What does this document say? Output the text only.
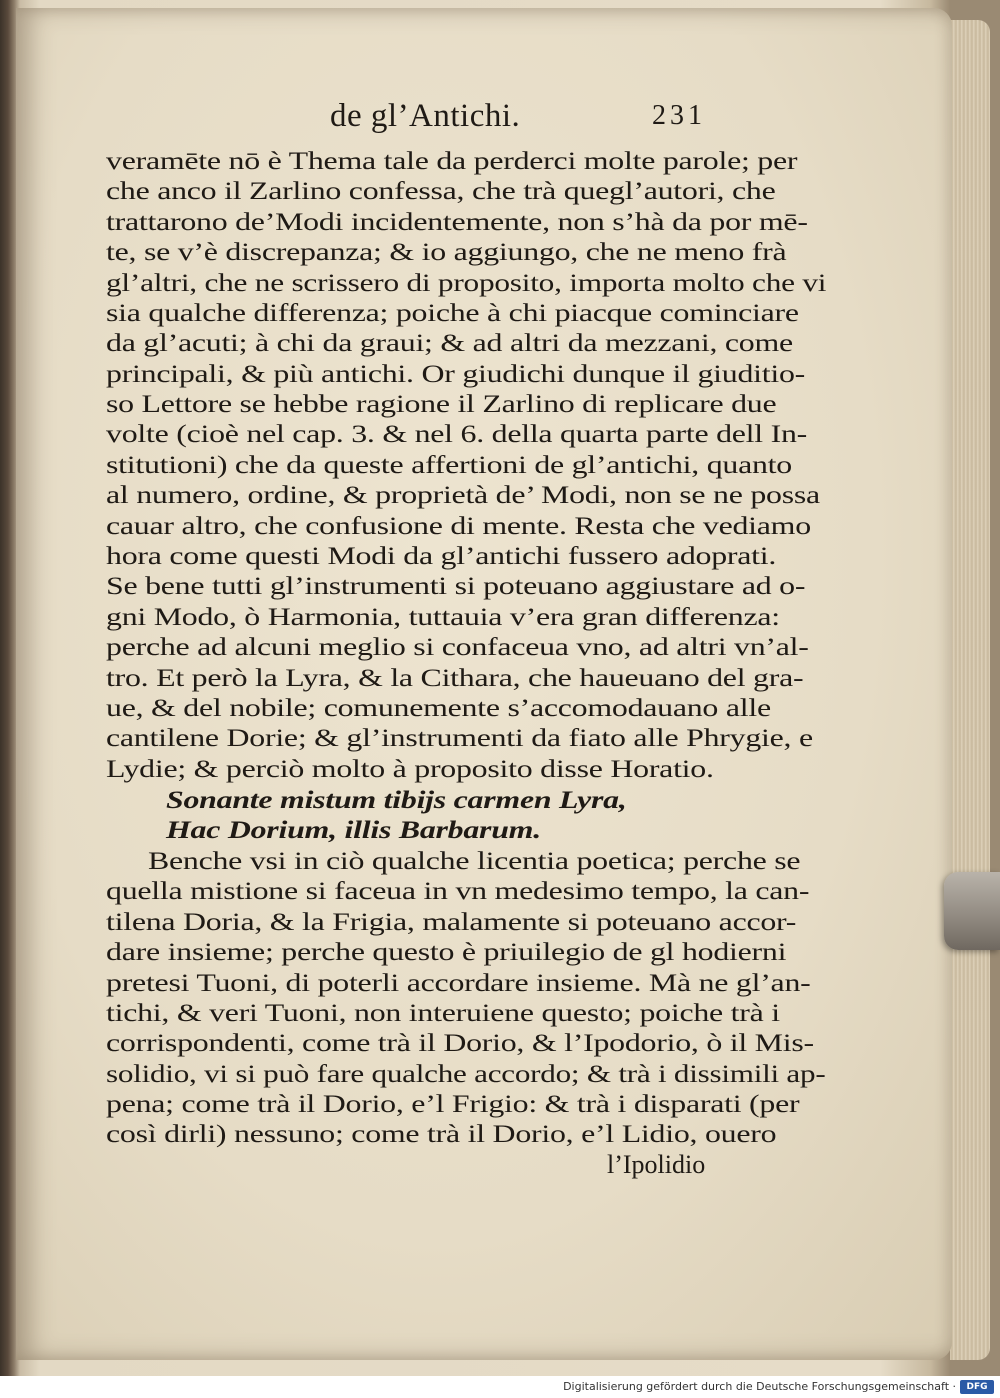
de gl’Antichi.	231
veramēte nō è Thema tale da perderci molte parole; per
che anco il Zarlino confessa, che trà quegl’autori, che
trattarono de’Modi incidentemente, non s’hà da por mē-
te, se v’è discrepanza; & io aggiungo, che ne meno frà
gl’altri, che ne scrissero di proposito, importa molto che vi
sia qualche differenza; poiche à chi piacque cominciare
da gl’acuti; à chi da graui; & ad altri da mezzani, come
principali, & più antichi. Or giudichi dunque il giuditio-
so Lettore se hebbe ragione il Zarlino di replicare due
volte (cioè nel cap. 3. & nel 6. della quarta parte dell In-
stitutioni) che da queste affertioni de gl’antichi, quanto
al numero, ordine, & proprietà de’ Modi, non se ne possa
cauar altro, che confusione di mente. Resta che vediamo
hora come questi Modi da gl’antichi fussero adoprati.
Se bene tutti gl’instrumenti si poteuano aggiustare ad o-
gni Modo, ò Harmonia, tuttauia v’era gran differenza:
perche ad alcuni meglio si confaceua vno, ad altri vn’al-
tro. Et però la Lyra, & la Cithara, che haueuano del gra-
ue, & del nobile; comunemente s’accomodauano alle
cantilene Dorie; & gl’instrumenti da fiato alle Phrygie, e
Lydie; & perciò molto à proposito disse Horatio.
Sonante mistum tibijs carmen Lyra,
Hac Dorium, illis Barbarum.
Benche vsi in ciò qualche licentia poetica; perche se
quella mistione si faceua in vn medesimo tempo, la can-
tilena Doria, & la Frigia, malamente si poteuano accor-
dare insieme; perche questo è priuilegio de gl hodierni
pretesi Tuoni, di poterli accordare insieme. Mà ne gl’an-
tichi, & veri Tuoni, non interuiene questo; poiche trà i
corrispondenti, come trà il Dorio, & l’Ipodorio, ò il Mis-
solidio, vi si può fare qualche accordo; & trà i dissimili ap-
pena; come trà il Dorio, e’l Frigio: & trà i disparati (per
così dirli) nessuno; come trà il Dorio, e’l Lidio, ouero
l’Ipolidio
Digitalisierung gefördert durch die Deutsche Forschungsgemeinschaft ·	DFG
